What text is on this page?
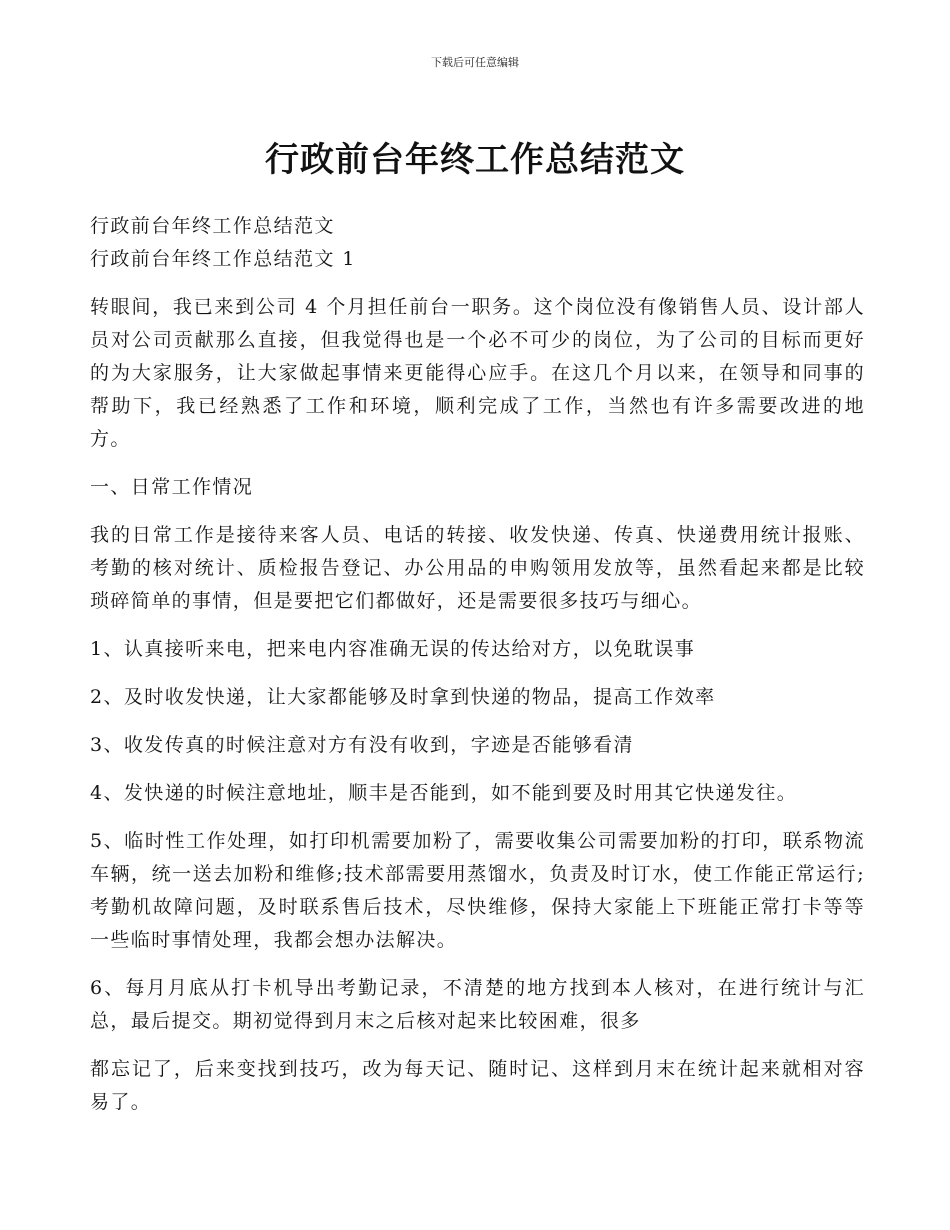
下载后可任意编辑
行政前台年终工作总结范文

行政前台年终工作总结范文

行政前台年终工作总结范文 1

转眼间，我已来到公司 4 个月担任前台一职务。这个岗位没有像销售人员、设计部人员对公司贡献那么直接，但我觉得也是一个必不可少的岗位，为了公司的目标而更好的为大家服务，让大家做起事情来更能得心应手。在这几个月以来，在领导和同事的帮助下，我已经熟悉了工作和环境，顺利完成了工作，当然也有许多需要改进的地方。

一、日常工作情况

我的日常工作是接待来客人员、电话的转接、收发快递、传真、快递费用统计报账、考勤的核对统计、质检报告登记、办公用品的申购领用发放等，虽然看起来都是比较琐碎简单的事情，但是要把它们都做好，还是需要很多技巧与细心。

1、认真接听来电，把来电内容准确无误的传达给对方，以免耽误事

2、及时收发快递，让大家都能够及时拿到快递的物品，提高工作效率

3、收发传真的时候注意对方有没有收到，字迹是否能够看清

4、发快递的时候注意地址，顺丰是否能到，如不能到要及时用其它快递发往。

5、临时性工作处理，如打印机需要加粉了，需要收集公司需要加粉的打印，联系物流车辆，统一送去加粉和维修;技术部需要用蒸馏水，负责及时订水，使工作能正常运行;考勤机故障问题，及时联系售后技术，尽快维修，保持大家能上下班能正常打卡等等一些临时事情处理，我都会想办法解决。

6、每月月底从打卡机导出考勤记录，不清楚的地方找到本人核对，在进行统计与汇总，最后提交。期初觉得到月末之后核对起来比较困难，很多

都忘记了，后来变找到技巧，改为每天记、随时记、这样到月末在统计起来就相对容易了。
